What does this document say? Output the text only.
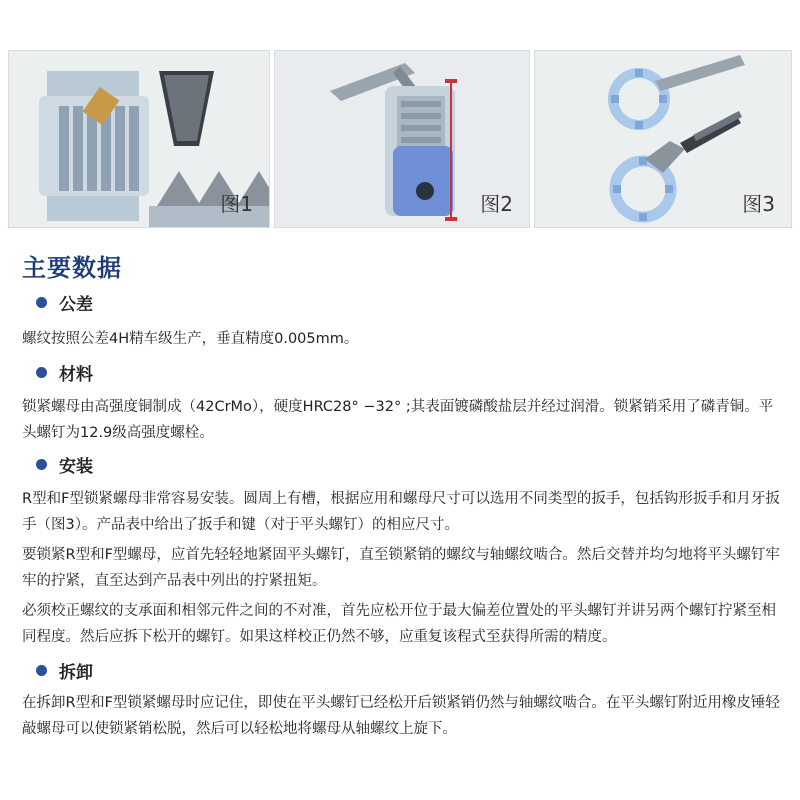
图1	图2	图3
主要数据
公差
螺纹按照公差4H精车级生产，垂直精度0.005mm。
材料
锁紧螺母由高强度铜制成（42CrMo），硬度HRC28° −32° ;其表面镀磷酸盐层并经过润滑。锁紧销采用了磷青铜。平头螺钉为12.9级高强度螺栓。
安装
R型和F型锁紧螺母非常容易安装。圆周上有槽，根据应用和螺母尺寸可以选用不同类型的扳手，包括钩形扳手和月牙扳手（图3）。产品表中给出了扳手和键（对于平头螺钉）的相应尺寸。
要锁紧R型和F型螺母，应首先轻轻地紧固平头螺钉，直至锁紧销的螺纹与轴螺纹啮合。然后交替并均匀地将平头螺钉牢牢的拧紧，直至达到产品表中列出的拧紧扭矩。
必须校正螺纹的支承面和相邻元件之间的不对准，首先应松开位于最大偏差位置处的平头螺钉并讲另两个螺钉拧紧至相同程度。然后应拆下松开的螺钉。如果这样校正仍然不够，应重复该程式至获得所需的精度。
拆卸
在拆卸R型和F型锁紧螺母时应记住，即使在平头螺钉已经松开后锁紧销仍然与轴螺纹啮合。在平头螺钉附近用橡皮锤轻敲螺母可以使锁紧销松脱，然后可以轻松地将螺母从轴螺纹上旋下。
